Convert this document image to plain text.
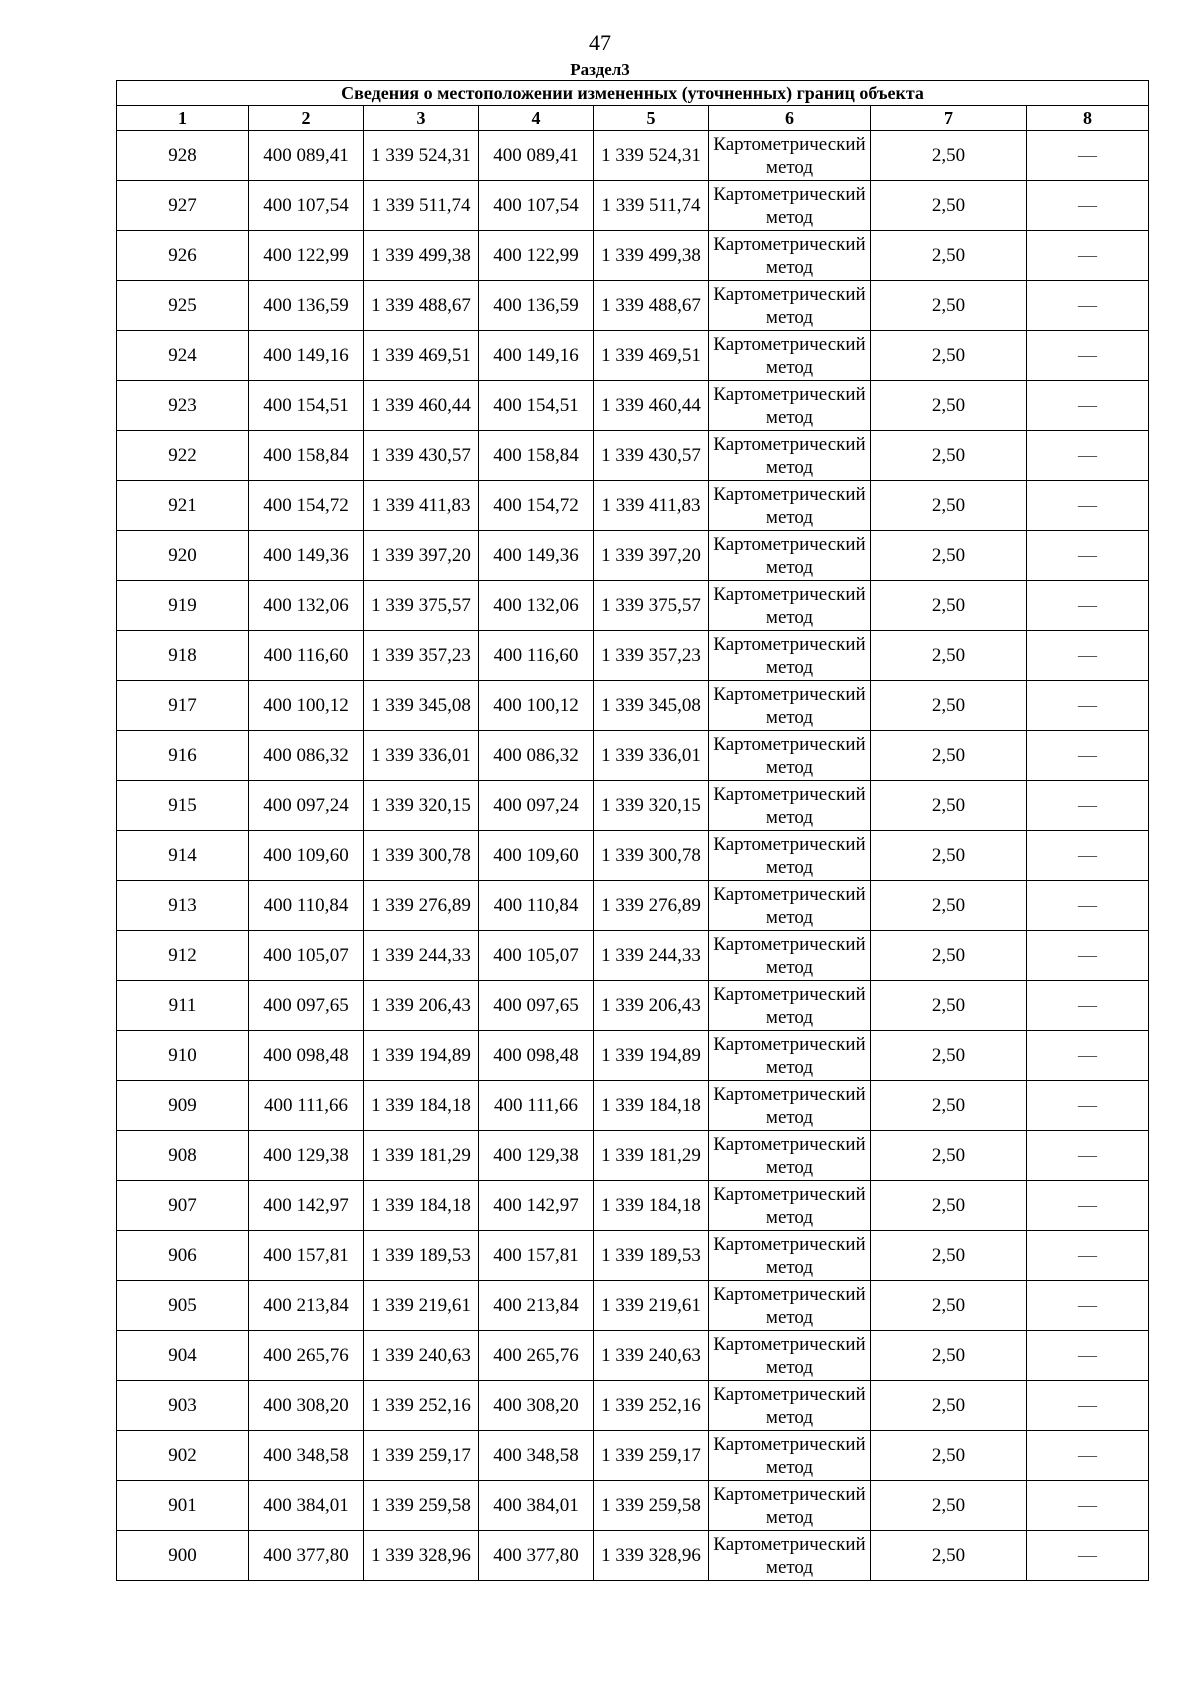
47
Раздел3
Сведения о местоположении измененных (уточненных) границ объекта							
1	2	3	4	5	6	7	8
928	400 089,41	1 339 524,31	400 089,41	1 339 524,31	Картометрический метод	2,50	—
927	400 107,54	1 339 511,74	400 107,54	1 339 511,74	Картометрический метод	2,50	—
926	400 122,99	1 339 499,38	400 122,99	1 339 499,38	Картометрический метод	2,50	—
925	400 136,59	1 339 488,67	400 136,59	1 339 488,67	Картометрический метод	2,50	—
924	400 149,16	1 339 469,51	400 149,16	1 339 469,51	Картометрический метод	2,50	—
923	400 154,51	1 339 460,44	400 154,51	1 339 460,44	Картометрический метод	2,50	—
922	400 158,84	1 339 430,57	400 158,84	1 339 430,57	Картометрический метод	2,50	—
921	400 154,72	1 339 411,83	400 154,72	1 339 411,83	Картометрический метод	2,50	—
920	400 149,36	1 339 397,20	400 149,36	1 339 397,20	Картометрический метод	2,50	—
919	400 132,06	1 339 375,57	400 132,06	1 339 375,57	Картометрический метод	2,50	—
918	400 116,60	1 339 357,23	400 116,60	1 339 357,23	Картометрический метод	2,50	—
917	400 100,12	1 339 345,08	400 100,12	1 339 345,08	Картометрический метод	2,50	—
916	400 086,32	1 339 336,01	400 086,32	1 339 336,01	Картометрический метод	2,50	—
915	400 097,24	1 339 320,15	400 097,24	1 339 320,15	Картометрический метод	2,50	—
914	400 109,60	1 339 300,78	400 109,60	1 339 300,78	Картометрический метод	2,50	—
913	400 110,84	1 339 276,89	400 110,84	1 339 276,89	Картометрический метод	2,50	—
912	400 105,07	1 339 244,33	400 105,07	1 339 244,33	Картометрический метод	2,50	—
911	400 097,65	1 339 206,43	400 097,65	1 339 206,43	Картометрический метод	2,50	—
910	400 098,48	1 339 194,89	400 098,48	1 339 194,89	Картометрический метод	2,50	—
909	400 111,66	1 339 184,18	400 111,66	1 339 184,18	Картометрический метод	2,50	—
908	400 129,38	1 339 181,29	400 129,38	1 339 181,29	Картометрический метод	2,50	—
907	400 142,97	1 339 184,18	400 142,97	1 339 184,18	Картометрический метод	2,50	—
906	400 157,81	1 339 189,53	400 157,81	1 339 189,53	Картометрический метод	2,50	—
905	400 213,84	1 339 219,61	400 213,84	1 339 219,61	Картометрический метод	2,50	—
904	400 265,76	1 339 240,63	400 265,76	1 339 240,63	Картометрический метод	2,50	—
903	400 308,20	1 339 252,16	400 308,20	1 339 252,16	Картометрический метод	2,50	—
902	400 348,58	1 339 259,17	400 348,58	1 339 259,17	Картометрический метод	2,50	—
901	400 384,01	1 339 259,58	400 384,01	1 339 259,58	Картометрический метод	2,50	—
900	400 377,80	1 339 328,96	400 377,80	1 339 328,96	Картометрический метод	2,50	—
